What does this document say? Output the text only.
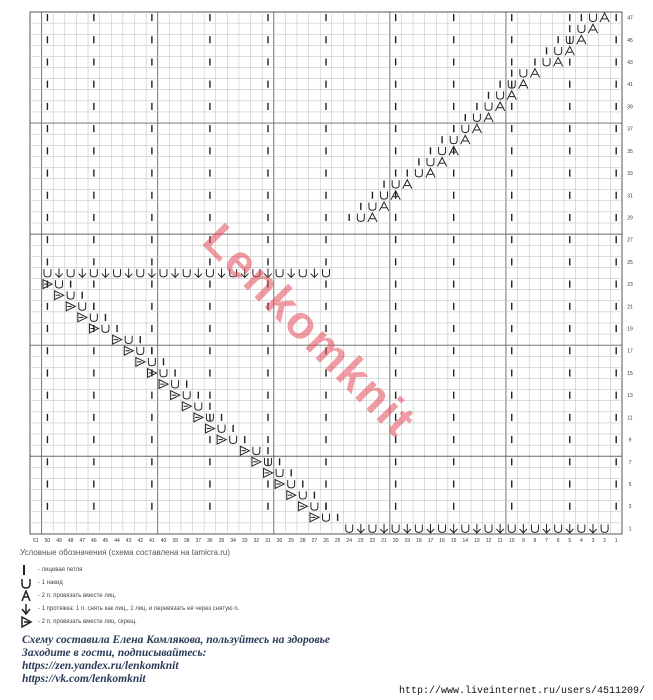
51 50 49 48 47 46 45 44 43 42 41 40 39 38 37 36 35 34 33 32 31 30 29 28 27 26 25 24 23 22 21 20 19 18 17 16 15 14 13 12 11 10 9 8 7 6 5 4 3 2 1
47
45
43
41
39
37
35
33
31
29
27
25
23
21
19
17
15
13
11
9
7
5
3
1
Lenkomknit
Условные обозначения (схема составлена на tamicra.ru)
- лицевая петля
- 1 накид
- 2 п. провязать вместе лиц.
- 1 протяжка: 1 п. снять как лиц., 1 лиц. и перевязать её через снятую п.
- 2 п. провязать вместе лиц. скрещ.
Схему составила Елена Комлякова, пользуйтесь на здоровье
Заходите в гости, подписывайтесь:
https://zen.yandex.ru/lenkomknit
https://vk.com/lenkomknit
http://www.liveinternet.ru/users/4511209/
